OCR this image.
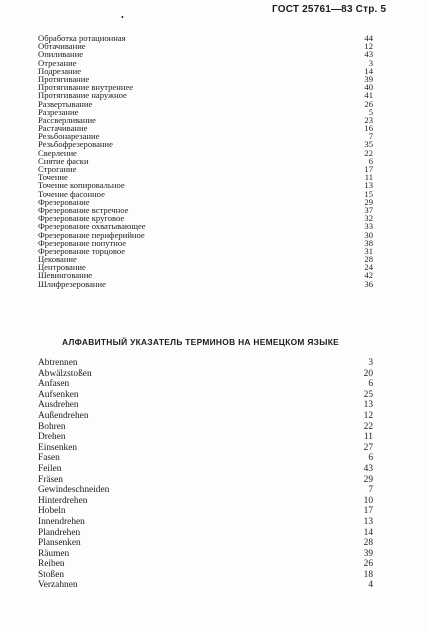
ГОСТ 25761—83 Стр. 5
•
Обработка ротационная	44
Обтачивание	12
Опиливание	43
Отрезание	3
Подрезание	14
Протягивание	39
Протягивание внутреннее	40
Протягивание наружное	41
Развертывание	26
Разрезание	5
Рассверливание	23
Растачивание	16
Резьбонарезание	7
Резьбофрезерование	35
Сверление	22
Снятие фаски	6
Строгание	17
Точение	11
Точение копировальное	13
Точение фасонное	15
Фрезерование	29
Фрезерование встречное	37
Фрезерование круговое	32
Фрезерование охватывающее	33
Фрезерование периферийное	30
Фрезерование попутное	38
Фрезерование торцовое	31
Цекование	28
Центрование	24
Шевингование	42
Шлифрезерование	36
АЛФАВИТНЫЙ УКАЗАТЕЛЬ ТЕРМИНОВ НА НЕМЕЦКОМ ЯЗЫКЕ
Abtrennen	3
Abwälzstoßen	20
Anfasen	6
Aufsenken	25
Ausdrehen	13
Außendrehen	12
Bohren	22
Drehen	11
Einsenken	27
Fasen	6
Feilen	43
Fräsen	29
Gewindeschneiden	7
Hinterdrehen	10
Hobeln	17
Innendrehen	13
Plandrehen	14
Plansenken	28
Räumen	39
Reiben	26
Stoßen	18
Verzahnen	4
